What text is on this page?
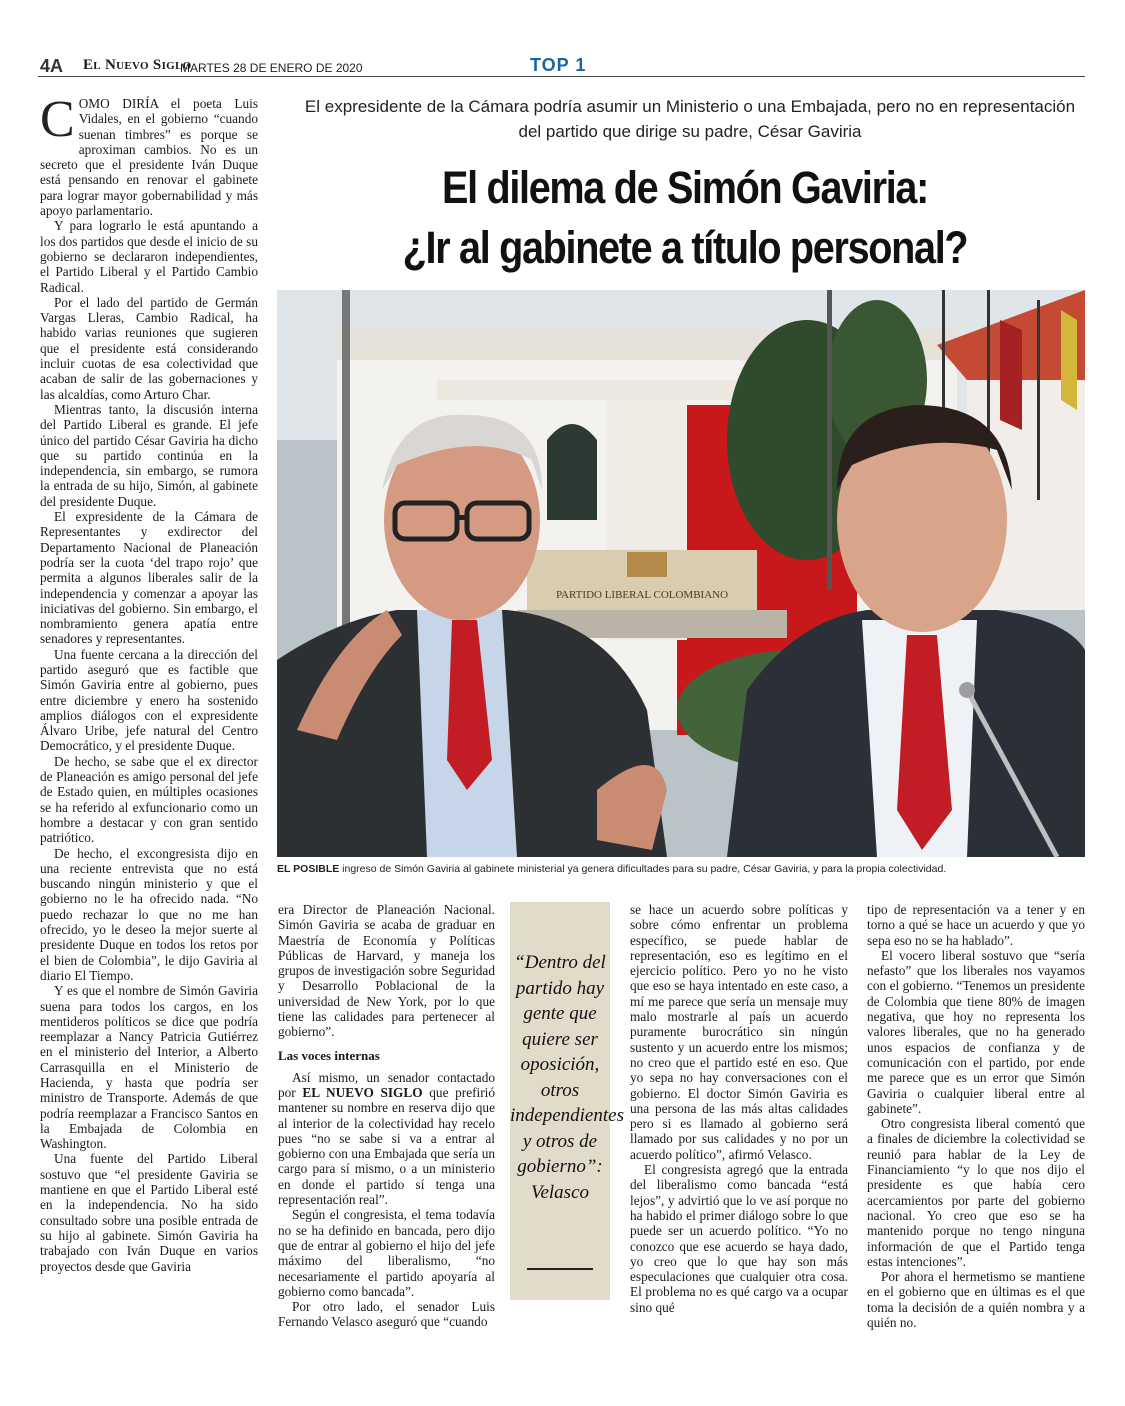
4A El Nuevo Siglo
MARTES 28 DE ENERO DE 2020	TOP 1
El expresidente de la Cámara podría asumir un Ministerio o una Embajada, pero no en representación del partido que dirige su padre, César Gaviria
El dilema de Simón Gaviria:
¿Ir al gabinete a título personal?

COMO DIRÍA el poeta Luis Vidales, en el gobierno “cuando suenan timbres” es porque se aproximan cambios. No es un secreto que el presidente Iván Duque está pensando en renovar el gabinete para lograr mayor gobernabilidad y más apoyo parlamentario.

Y para lograrlo le está apuntando a los dos partidos que desde el inicio de su gobierno se declararon independientes, el Partido Liberal y el Partido Cambio Radical.

Por el lado del partido de Germán Vargas Lleras, Cambio Radical, ha habido varias reuniones que sugieren que el presidente está considerando incluir cuotas de esa colectividad que acaban de salir de las gobernaciones y las alcaldías, como Arturo Char.

Mientras tanto, la discusión interna del Partido Liberal es grande. El jefe único del partido César Gaviria ha dicho que su partido continúa en la independencia, sin embargo, se rumora la entrada de su hijo, Simón, al gabinete del presidente Duque.

El expresidente de la Cámara de Representantes y exdirector del Departamento Nacional de Planeación podría ser la cuota ‘del trapo rojo’ que permita a algunos liberales salir de la independencia y comenzar a apoyar las iniciativas del gobierno. Sin embargo, el nombramiento genera apatía entre senadores y representantes.

Una fuente cercana a la dirección del partido aseguró que es factible que Simón Gaviria entre al gobierno, pues entre diciembre y enero ha sostenido amplios diálogos con el expresidente Álvaro Uribe, jefe natural del Centro Democrático, y el presidente Duque.

De hecho, se sabe que el ex director de Planeación es amigo personal del jefe de Estado quien, en múltiples ocasiones se ha referido al exfuncionario como un hombre a destacar y con gran sentido patriótico.

De hecho, el excongresista dijo en una reciente entrevista que no está buscando ningún ministerio y que el gobierno no le ha ofrecido nada. “No puedo rechazar lo que no me han ofrecido, yo le deseo la mejor suerte al presidente Duque en todos los retos por el bien de Colombia”, le dijo Gaviria al diario El Tiempo.

Y es que el nombre de Simón Gaviria suena para todos los cargos, en los mentideros políticos se dice que podría reemplazar a Nancy Patricia Gutiérrez en el ministerio del Interior, a Alberto Carrasquilla en el Ministerio de Hacienda, y hasta que podría ser ministro de Transporte. Además de que podría reemplazar a Francisco Santos en la Embajada de Colombia en Washington.

Una fuente del Partido Liberal sostuvo que “el presidente Gaviria se mantiene en que el Partido Liberal esté en la independencia. No ha sido consultado sobre una posible entrada de su hijo al gabinete. Simón Gaviria ha trabajado con Iván Duque en varios proyectos desde que Gaviria

PARTIDO LIBERAL COLOMBIANO
EL POSIBLE ingreso de Simón Gaviria al gabinete ministerial ya genera dificultades para su padre, César Gaviria, y para la propia colectividad.

era Director de Planeación Nacional. Simón Gaviria se acaba de graduar en Maestría de Economía y Políticas Públicas de Harvard, y maneja los grupos de investigación sobre Seguridad y Desarrollo Poblacional de la universidad de New York, por lo que tiene las calidades para pertenecer al gobierno”.

Las voces internas

Así mismo, un senador contactado por EL NUEVO SIGLO que prefirió mantener su nombre en reserva dijo que al interior de la colectividad hay recelo pues “no se sabe si va a entrar al gobierno con una Embajada que sería un cargo para sí mismo, o a un ministerio en donde el partido sí tenga una representación real”.

Según el congresista, el tema todavía no se ha definido en bancada, pero dijo que de entrar al gobierno el hijo del jefe máximo del liberalismo, “no necesariamente el partido apoyaría al gobierno como bancada”.

Por otro lado, el senador Luis Fernando Velasco aseguró que “cuando

“Dentro del partido hay gente que quiere ser oposición, otros independientes y otros de gobierno”: Velasco

se hace un acuerdo sobre políticas y sobre cómo enfrentar un problema específico, se puede hablar de representación, eso es legítimo en el ejercicio político. Pero yo no he visto que eso se haya intentado en este caso, a mí me parece que sería un mensaje muy malo mostrarle al país un acuerdo puramente burocrático sin ningún sustento y un acuerdo entre los mismos; no creo que el partido esté en eso. Que yo sepa no hay conversaciones con el gobierno. El doctor Simón Gaviria es una persona de las más altas calidades pero si es llamado al gobierno será llamado por sus calidades y no por un acuerdo político”, afirmó Velasco.

El congresista agregó que la entrada del liberalismo como bancada “está lejos”, y advirtió que lo ve así porque no ha habido el primer diálogo sobre lo que puede ser un acuerdo político. “Yo no conozco que ese acuerdo se haya dado, yo creo que lo que hay son más especulaciones que cualquier otra cosa. El problema no es qué cargo va a ocupar sino qué

tipo de representación va a tener y en torno a qué se hace un acuerdo y que yo sepa eso no se ha hablado”.

El vocero liberal sostuvo que “sería nefasto” que los liberales nos vayamos con el gobierno. “Tenemos un presidente de Colombia que tiene 80% de imagen negativa, que hoy no representa los valores liberales, que no ha generado unos espacios de confianza y de comunicación con el partido, por ende me parece que es un error que Simón Gaviria o cualquier liberal entre al gabinete”.

Otro congresista liberal comentó que a finales de diciembre la colectividad se reunió para hablar de la Ley de Financiamiento “y lo que nos dijo el presidente es que había cero acercamientos por parte del gobierno nacional. Yo creo que eso se ha mantenido porque no tengo ninguna información de que el Partido tenga estas intenciones”.

Por ahora el hermetismo se mantiene en el gobierno que en últimas es el que toma la decisión de a quién nombra y a quién no.
